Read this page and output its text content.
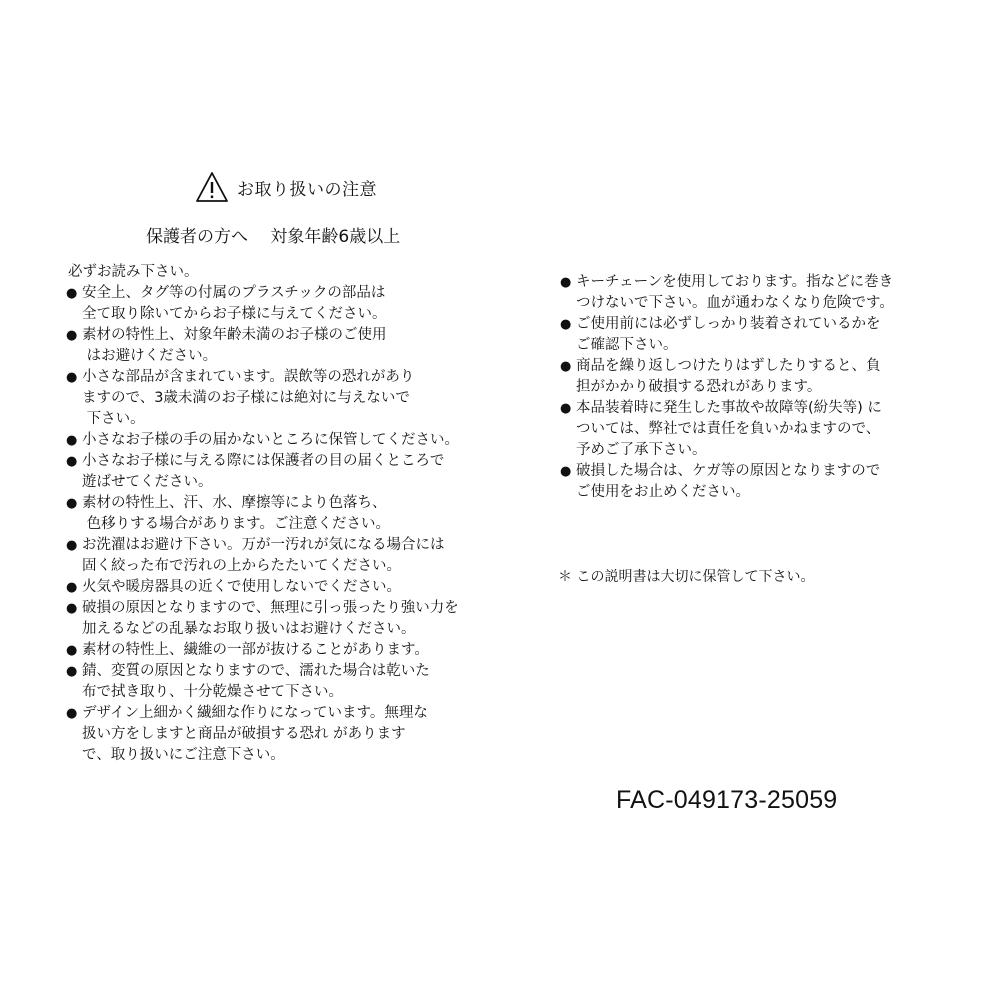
お取り扱いの注意
保護者の方へ　 対象年齢6歳以上
必ずお読み下さい。
● 安全上、タグ等の付属のプラスチックの部品は
全て取り除いてからお子様に与えてください。
● 素材の特性上、対象年齢未満のお子様のご使用
はお避けください。
● 小さな部品が含まれています。誤飲等の恐れがあり
ますので、3歳未満のお子様には絶対に与えないで
下さい。
● 小さなお子様の手の届かないところに保管してください。
● 小さなお子様に与える際には保護者の目の届くところで
遊ばせてください。
● 素材の特性上、汗、水、摩擦等により色落ち、
色移りする場合があります。ご注意ください。
● お洗濯はお避け下さい。万が一汚れが気になる場合には
固く絞った布で汚れの上からたたいてください。
● 火気や暖房器具の近くで使用しないでください。
● 破損の原因となりますので、無理に引っ張ったり強い力を
加えるなどの乱暴なお取り扱いはお避けください。
● 素材の特性上、繊維の一部が抜けることがあります。
● 錆、変質の原因となりますので、濡れた場合は乾いた
布で拭き取り、十分乾燥させて下さい。
● デザイン上細かく繊細な作りになっています。無理な
扱い方をしますと商品が破損する恐れ があります
で、取り扱いにご注意下さい。
● キーチェーンを使用しております。指などに巻き
つけないで下さい。血が通わなくなり危険です。
● ご使用前には必ずしっかり装着されているかを
ご確認下さい。
● 商品を繰り返しつけたりはずしたりすると、負
担がかかり破損する恐れがあります。
● 本品装着時に発生した事故や故障等(紛失等) に
ついては、弊社では責任を負いかねますので、
予めご了承下さい。
● 破損した場合は、ケガ等の原因となりますので
ご使用をお止めください。
＊ この説明書は大切に保管して下さい。
FAC-049173-25059
